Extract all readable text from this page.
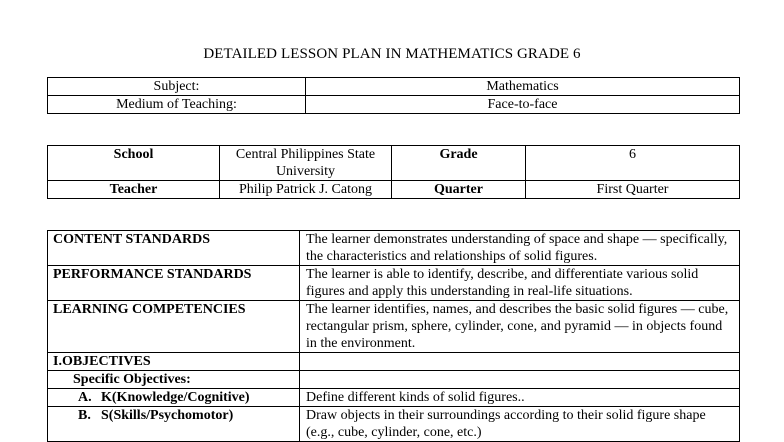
DETAILED LESSON PLAN IN MATHEMATICS GRADE 6
Subject:	Mathematics
Medium of Teaching:	Face-to-face
School	Central Philippines State University	Grade	6
Teacher	Philip Patrick J. Catong	Quarter	First Quarter
CONTENT STANDARDS	The learner demonstrates understanding of space and shape — specifically, the characteristics and relationships of solid figures.
PERFORMANCE STANDARDS	The learner is able to identify, describe, and differentiate various solid figures and apply this understanding in real-life situations.
LEARNING COMPETENCIES	The learner identifies, names, and describes the basic solid figures — cube, rectangular prism, sphere, cylinder, cone, and pyramid — in objects found in the environment.
I.OBJECTIVES	
Specific Objectives:	
A. K(Knowledge/Cognitive)	Define different kinds of solid figures..
B. S(Skills/Psychomotor)	Draw objects in their surroundings according to their solid figure shape (e.g., cube, cylinder, cone, etc.)
